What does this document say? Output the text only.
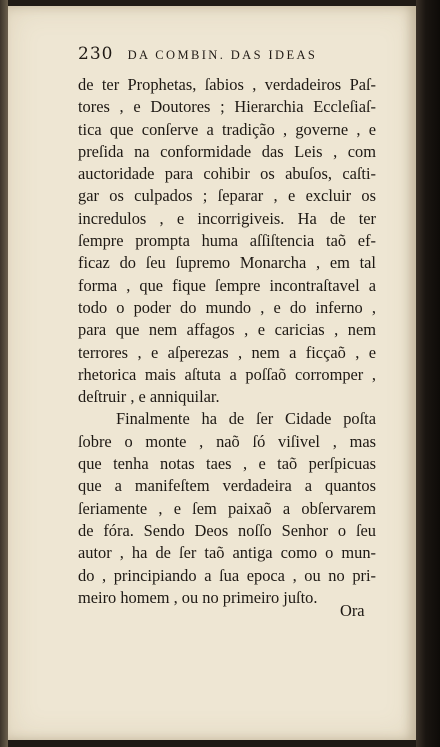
230 DA COMBIN. DAS IDEAS
de ter Prophetas, ſabios , verdadeiros Paſ-
tores , e Doutores ; Hierarchia Eccleſiaſ-
tica que conſerve a tradição , governe , e
preſida na conformidade das Leis , com
auctoridade para cohibir os abuſos, caſti-
gar os culpados ; ſeparar , e excluir os
incredulos , e incorrigiveis. Ha de ter
ſempre prompta huma aſſiſtencia taõ ef-
ficaz do ſeu ſupremo Monarcha , em tal
forma , que fique ſempre incontraſtavel a
todo o poder do mundo , e do inferno ,
para que nem affagos , e caricias , nem
terrores , e aſperezas , nem a ficçaõ , e
rhetorica mais aſtuta a poſſaõ corromper ,
deſtruir , e anniquilar.
Finalmente ha de ſer Cidade poſta
ſobre o monte , naõ ſó viſivel , mas
que tenha notas taes , e taõ perſpicuas
que a manifeſtem verdadeira a quantos
ſeriamente , e ſem paixaõ a obſervarem
de fóra. Sendo Deos noſſo Senhor o ſeu
autor , ha de ſer taõ antiga como o mun-
do , principiando a ſua epoca , ou no pri-
meiro homem , ou no primeiro juſto.
Ora
